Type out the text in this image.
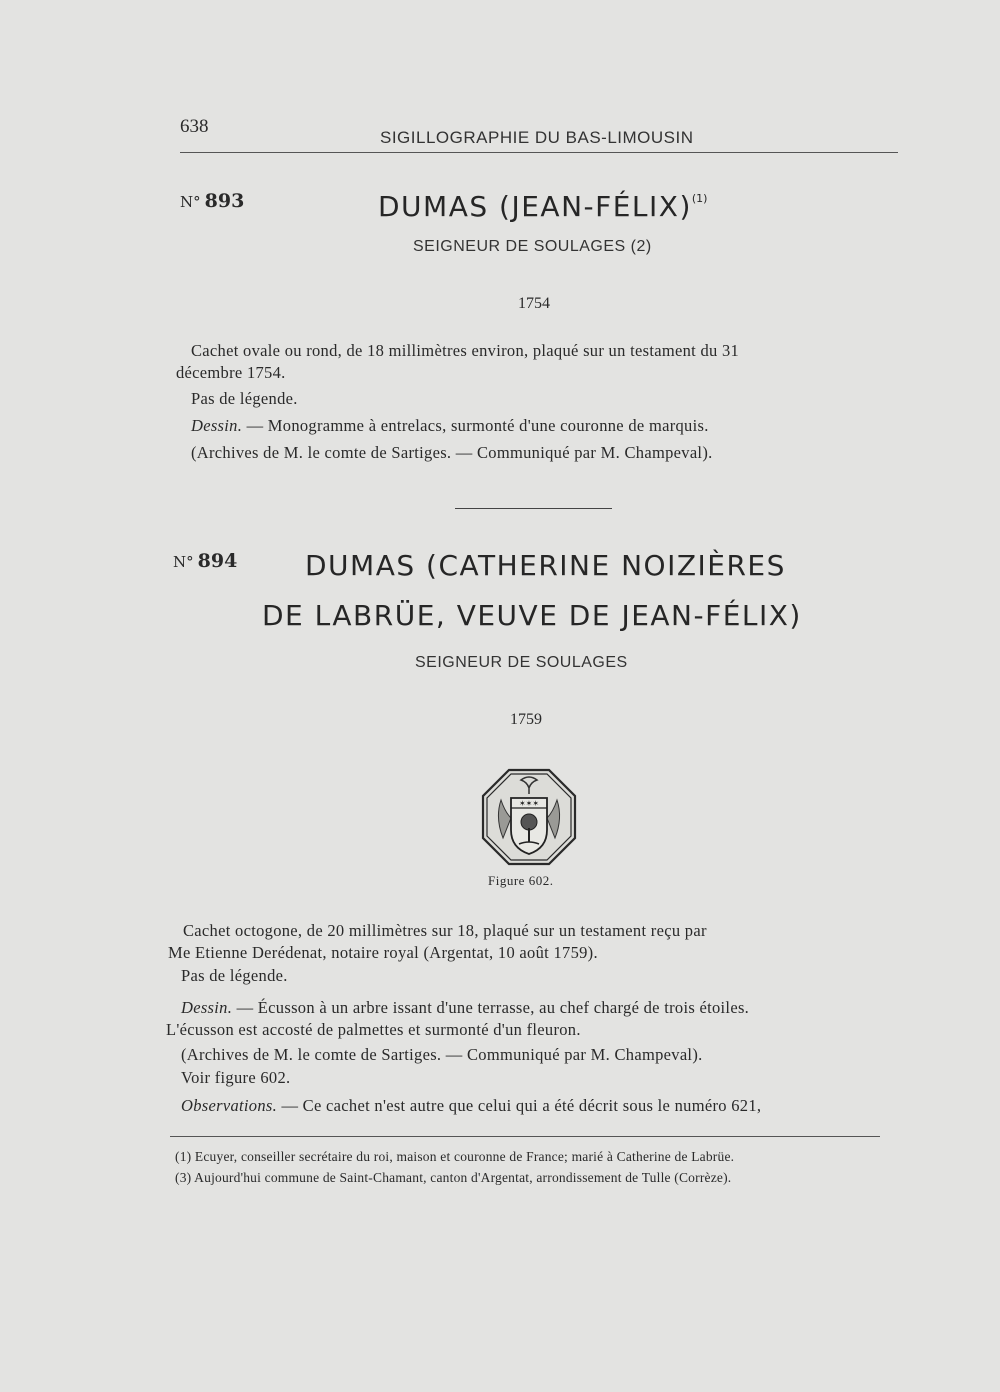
638
SIGILLOGRAPHIE DU BAS-LIMOUSIN
N° 893	DUMAS (JEAN-FÉLIX)$^{(1)}$
SEIGNEUR DE SOULAGES (2)
1754
Cachet ovale ou rond, de 18 millimètres environ, plaqué sur un testament du 31
décembre 1754.
Pas de légende.
Dessin. — Monogramme à entrelacs, surmonté d'une couronne de marquis.
(Archives de M. le comte de Sartiges. — Communiqué par M. Champeval).
N° 894 DUMAS (CATHERINE NOIZIÈRES
DE LABRÜE, VEUVE DE JEAN-FÉLIX)
SEIGNEUR DE SOULAGES
1759
✶✶✶
Figure 602.
Cachet octogone, de 20 millimètres sur 18, plaqué sur un testament reçu par
Me Etienne Derédenat, notaire royal (Argentat, 10 août 1759).
Pas de légende.
Dessin. — Écusson à un arbre issant d'une terrasse, au chef chargé de trois étoiles.
L'écusson est accosté de palmettes et surmonté d'un fleuron.
(Archives de M. le comte de Sartiges. — Communiqué par M. Champeval).
Voir figure 602.
Observations. — Ce cachet n'est autre que celui qui a été décrit sous le numéro 621,
(1) Ecuyer, conseiller secrétaire du roi, maison et couronne de France; marié à Catherine de Labrüe.
(3) Aujourd'hui commune de Saint-Chamant, canton d'Argentat, arrondissement de Tulle (Corrèze).
